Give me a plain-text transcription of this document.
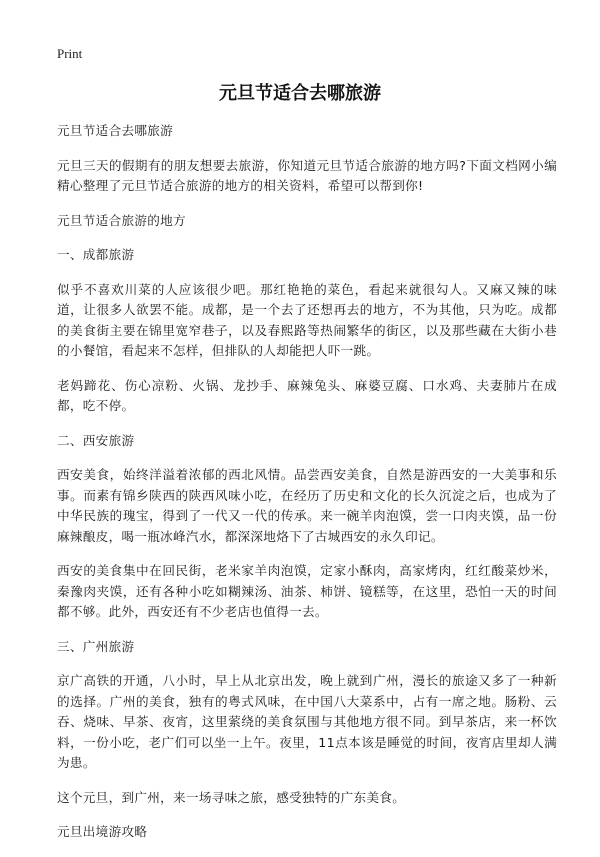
Print
元旦节适合去哪旅游

元旦节适合去哪旅游

元旦三天的假期有的朋友想要去旅游，你知道元旦节适合旅游的地方吗?下面文档网小编精心整理了元旦节适合旅游的地方的相关资料，希望可以帮到你!

元旦节适合旅游的地方

一、成都旅游

似乎不喜欢川菜的人应该很少吧。那红艳艳的菜色，看起来就很勾人。又麻又辣的味道，让很多人欲罢不能。成都，是一个去了还想再去的地方，不为其他，只为吃。成都的美食街主要在锦里宽窄巷子，以及春熙路等热闹繁华的街区，以及那些藏在大街小巷的小餐馆，看起来不怎样，但排队的人却能把人吓一跳。

老妈蹄花、伤心凉粉、火锅、龙抄手、麻辣兔头、麻婆豆腐、口水鸡、夫妻肺片在成都，吃不停。

二、西安旅游

西安美食，始终洋溢着浓郁的西北风情。品尝西安美食，自然是游西安的一大美事和乐事。而素有锦乡陕西的陕西风味小吃，在经历了历史和文化的长久沉淀之后，也成为了中华民族的瑰宝，得到了一代又一代的传承。来一碗羊肉泡馍，尝一口肉夹馍，品一份麻辣酿皮，喝一瓶冰峰汽水，都深深地烙下了古城西安的永久印记。

西安的美食集中在回民街，老米家羊肉泡馍，定家小酥肉，高家烤肉，红红酸菜炒米，秦豫肉夹馍，还有各种小吃如糊辣汤、油茶、柿饼、镜糕等，在这里，恐怕一天的时间都不够。此外，西安还有不少老店也值得一去。

三、广州旅游

京广高铁的开通，八小时，早上从北京出发，晚上就到广州，漫长的旅途又多了一种新的选择。广州的美食，独有的粤式风味，在中国八大菜系中，占有一席之地。肠粉、云吞、烧味、早茶、夜宵，这里萦绕的美食氛围与其他地方很不同。到早茶店，来一杯饮料，一份小吃，老广们可以坐一上午。夜里，11点本该是睡觉的时间，夜宵店里却人满为患。

这个元旦，到广州，来一场寻味之旅，感受独特的广东美食。

元旦出境游攻略
